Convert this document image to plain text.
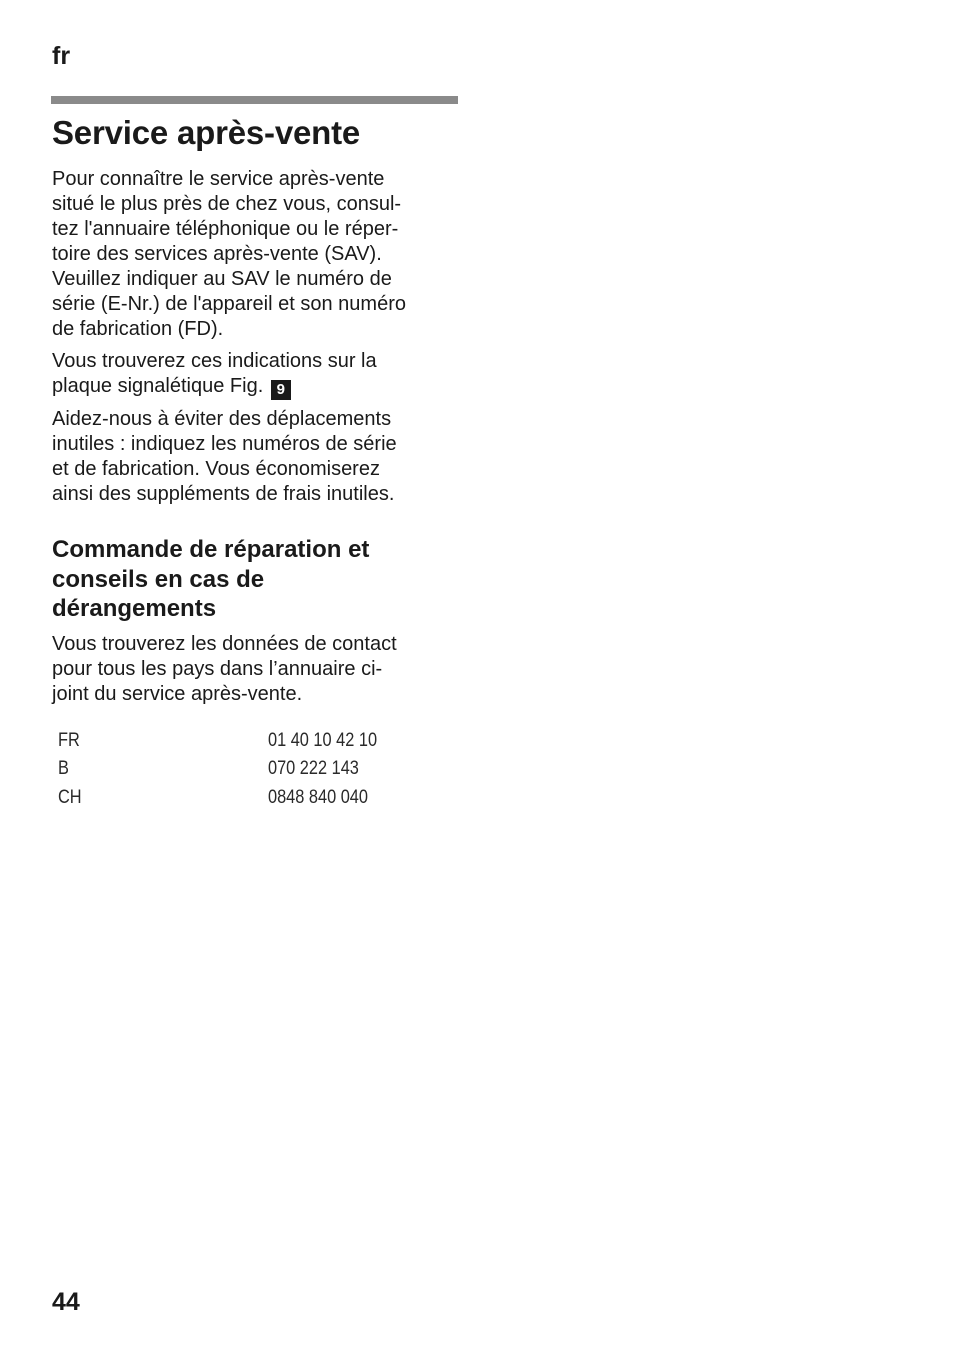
fr
Service après-vente

Pour connaître le service après-vente
situé le plus près de chez vous, consul-
tez l'annuaire téléphonique ou le réper-
toire des services après-vente (SAV).
Veuillez indiquer au SAV le numéro de
série (E-Nr.) de l'appareil et son numéro
de fabrication (FD).

Vous trouverez ces indications sur la
plaque signalétique Fig. 9

Aidez-nous à éviter des déplacements
inutiles : indiquez les numéros de série
et de fabrication. Vous économiserez
ainsi des suppléments de frais inutiles.

Commande de réparation et
conseils en cas de
dérangements

Vous trouverez les données de contact
pour tous les pays dans l’annuaire ci-
joint du service après-vente.

FR	01 40 10 42 10
B	070 222 143
CH	0848 840 040
44
